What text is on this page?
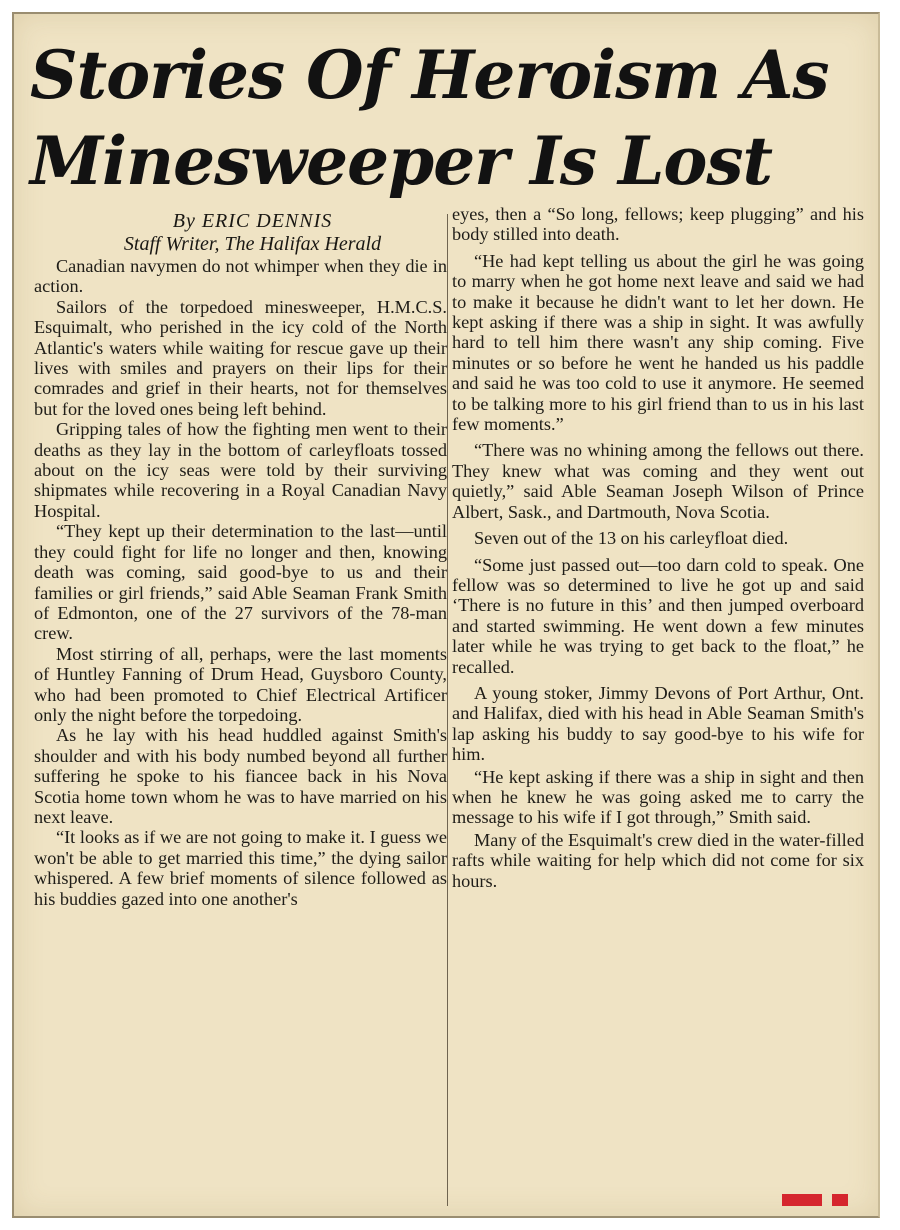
Stories Of Heroism As Minesweeper Is Lost

By ERIC DENNIS

Staff Writer, The Halifax Herald

Canadian navymen do not whimper when they die in action.

Sailors of the torpedoed minesweeper, H.M.C.S. Esquimalt, who perished in the icy cold of the North Atlantic's waters while waiting for rescue gave up their lives with smiles and prayers on their lips for their comrades and grief in their hearts, not for themselves but for the loved ones being left behind.

Gripping tales of how the fighting men went to their deaths as they lay in the bottom of carleyfloats tossed about on the icy seas were told by their surviving shipmates while recovering in a Royal Canadian Navy Hospital.

“They kept up their determination to the last—until they could fight for life no longer and then, knowing death was coming, said good-bye to us and their families or girl friends,” said Able Seaman Frank Smith of Edmonton, one of the 27 survivors of the 78-man crew.

Most stirring of all, perhaps, were the last moments of Huntley Fanning of Drum Head, Guysboro County, who had been promoted to Chief Electrical Artificer only the night before the torpedoing.

As he lay with his head huddled against Smith's shoulder and with his body numbed beyond all further suffering he spoke to his fiancee back in his Nova Scotia home town whom he was to have married on his next leave.

“It looks as if we are not going to make it. I guess we won't be able to get married this time,” the dying sailor whispered. A few brief moments of silence followed as his buddies gazed into one another's

eyes, then a “So long, fellows; keep plugging” and his body stilled into death.

“He had kept telling us about the girl he was going to marry when he got home next leave and said we had to make it because he didn't want to let her down. He kept asking if there was a ship in sight. It was awfully hard to tell him there wasn't any ship coming. Five minutes or so before he went he handed us his paddle and said he was too cold to use it anymore. He seemed to be talking more to his girl friend than to us in his last few moments.”

“There was no whining among the fellows out there. They knew what was coming and they went out quietly,” said Able Seaman Joseph Wilson of Prince Albert, Sask., and Dartmouth, Nova Scotia.

Seven out of the 13 on his carleyfloat died.

“Some just passed out—too darn cold to speak. One fellow was so determined to live he got up and said ‘There is no future in this’ and then jumped overboard and started swimming. He went down a few minutes later while he was trying to get back to the float,” he recalled.

A young stoker, Jimmy Devons of Port Arthur, Ont. and Halifax, died with his head in Able Seaman Smith's lap asking his buddy to say good-bye to his wife for him.

“He kept asking if there was a ship in sight and then when he knew he was going asked me to carry the message to his wife if I got through,” Smith said.

Many of the Esquimalt's crew died in the water-filled rafts while waiting for help which did not come for six hours.
